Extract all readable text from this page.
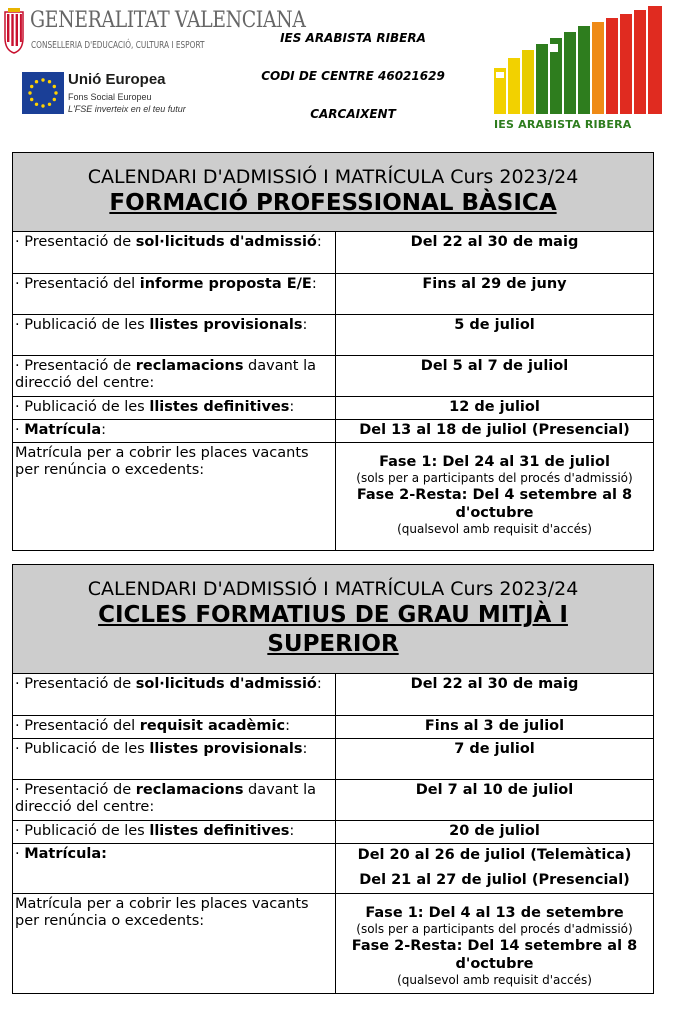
GENERALITAT VALENCIANA
CONSELLERIA D'EDUCACIÓ, CULTURA I ESPORT
Unió Europea
Fons Social Europeu
L'FSE inverteix en el teu futur
IES ARABISTA RIBERA
CODI DE CENTRE 46021629
CARCAIXENT
IES ARABISTA RIBERA
CALENDARI D'ADMISSIÓ I MATRÍCULA Curs 2023/24
FORMACIÓ PROFESSIONAL BÀSICA
· Presentació de sol·licituds d'admissió:	Del 22 al 30 de maig
· Presentació del informe proposta E/E:	Fins al 29 de juny
· Publicació de les llistes provisionals:	5 de juliol
· Presentació de reclamacions davant la direcció del centre:	Del 5 al 7 de juliol
· Publicació de les llistes definitives:	12 de juliol
· Matrícula:	Del 13 al 18 de juliol (Presencial)
Matrícula per a cobrir les places vacants per renúncia o excedents:	Fase 1: Del 24 al 31 de juliol
(sols per a participants del procés d'admissió)
Fase 2-Resta: Del 4 setembre al 8 d'octubre
(qualsevol amb requisit d'accés)
CALENDARI D'ADMISSIÓ I MATRÍCULA Curs 2023/24
CICLES FORMATIUS DE GRAU MITJÀ I SUPERIOR
· Presentació de sol·licituds d'admissió:	Del 22 al 30 de maig
· Presentació del requisit acadèmic:	Fins al 3 de juliol
· Publicació de les llistes provisionals:	7 de juliol
· Presentació de reclamacions davant la direcció del centre:	Del 7 al 10 de juliol
· Publicació de les llistes definitives:	20 de juliol
· Matrícula:	Del 20 al 26 de juliol (Telemàtica)
Del 21 al 27 de juliol (Presencial)

Matrícula per a cobrir les places vacants per renúncia o excedents:	Fase 1: Del 4 al 13 de setembre
(sols per a participants del procés d'admissió)
Fase 2-Resta: Del 14 setembre al 8 d'octubre
(qualsevol amb requisit d'accés)
